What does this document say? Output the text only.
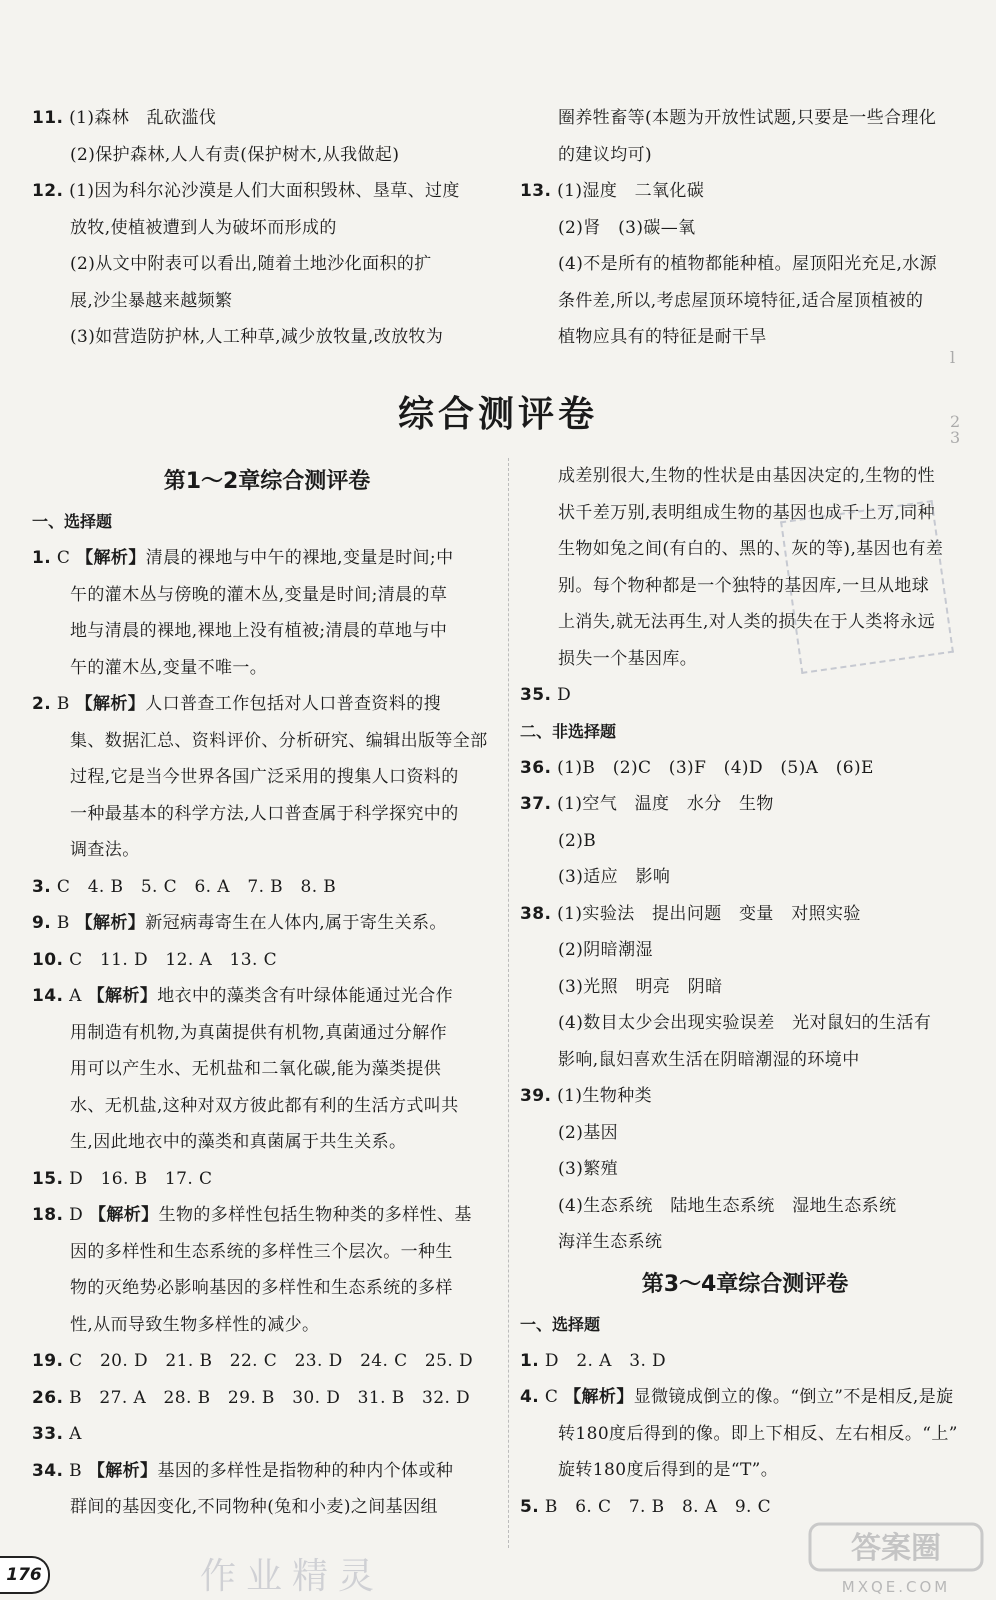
11. (1)森林　乱砍滥伐
(2)保护森林,人人有责(保护树木,从我做起)
12. (1)因为科尔沁沙漠是人们大面积毁林、垦草、过度
放牧,使植被遭到人为破坏而形成的
(2)从文中附表可以看出,随着土地沙化面积的扩
展,沙尘暴越来越频繁
(3)如营造防护林,人工种草,减少放牧量,改放牧为
圈养牲畜等(本题为开放性试题,只要是一些合理化
的建议均可)
13. (1)湿度　二氧化碳
(2)肾　(3)碳—氧
(4)不是所有的植物都能种植。屋顶阳光充足,水源
条件差,所以,考虑屋顶环境特征,适合屋顶植被的
植物应具有的特征是耐干旱
综合测评卷
第1～2章综合测评卷
一、选择题
1. C 【解析】清晨的裸地与中午的裸地,变量是时间;中
午的灌木丛与傍晚的灌木丛,变量是时间;清晨的草
地与清晨的裸地,裸地上没有植被;清晨的草地与中
午的灌木丛,变量不唯一。
2. B 【解析】人口普查工作包括对人口普查资料的搜
集、数据汇总、资料评价、分析研究、编辑出版等全部
过程,它是当今世界各国广泛采用的搜集人口资料的
一种最基本的科学方法,人口普查属于科学探究中的
调查法。
3. C　4. B　5. C　6. A　7. B　8. B
9. B 【解析】新冠病毒寄生在人体内,属于寄生关系。
10. C　11. D　12. A　13. C
14. A 【解析】地衣中的藻类含有叶绿体能通过光合作
用制造有机物,为真菌提供有机物,真菌通过分解作
用可以产生水、无机盐和二氧化碳,能为藻类提供
水、无机盐,这种对双方彼此都有利的生活方式叫共
生,因此地衣中的藻类和真菌属于共生关系。
15. D　16. B　17. C
18. D 【解析】生物的多样性包括生物种类的多样性、基
因的多样性和生态系统的多样性三个层次。一种生
物的灭绝势必影响基因的多样性和生态系统的多样
性,从而导致生物多样性的减少。
19. C　20. D　21. B　22. C　23. D　24. C　25. D
26. B　27. A　28. B　29. B　30. D　31. B　32. D
33. A
34. B 【解析】基因的多样性是指物种的种内个体或种
群间的基因变化,不同物种(兔和小麦)之间基因组
成差别很大,生物的性状是由基因决定的,生物的性
状千差万别,表明组成生物的基因也成千上万,同种
生物如兔之间(有白的、黑的、灰的等),基因也有差
别。每个物种都是一个独特的基因库,一旦从地球
上消失,就无法再生,对人类的损失在于人类将永远
损失一个基因库。
35. D
二、非选择题
36. (1)B　(2)C　(3)F　(4)D　(5)A　(6)E
37. (1)空气　温度　水分　生物
(2)B
(3)适应　影响
38. (1)实验法　提出问题　变量　对照实验
(2)阴暗潮湿
(3)光照　明亮　阴暗
(4)数目太少会出现实验误差　光对鼠妇的生活有
影响,鼠妇喜欢生活在阴暗潮湿的环境中
39. (1)生物种类
(2)基因
(3)繁殖
(4)生态系统　陆地生态系统　湿地生态系统
海洋生态系统
第3～4章综合测评卷
一、选择题
1. D　2. A　3. D
4. C 【解析】显微镜成倒立的像。“倒立”不是相反,是旋
转180度后得到的像。即上下相反、左右相反。“上”
旋转180度后得到的是“T”。
5. B　6. C　7. B　8. A　9. C
l
2
3
176	作业精灵
答案圈
MXQE.COM
